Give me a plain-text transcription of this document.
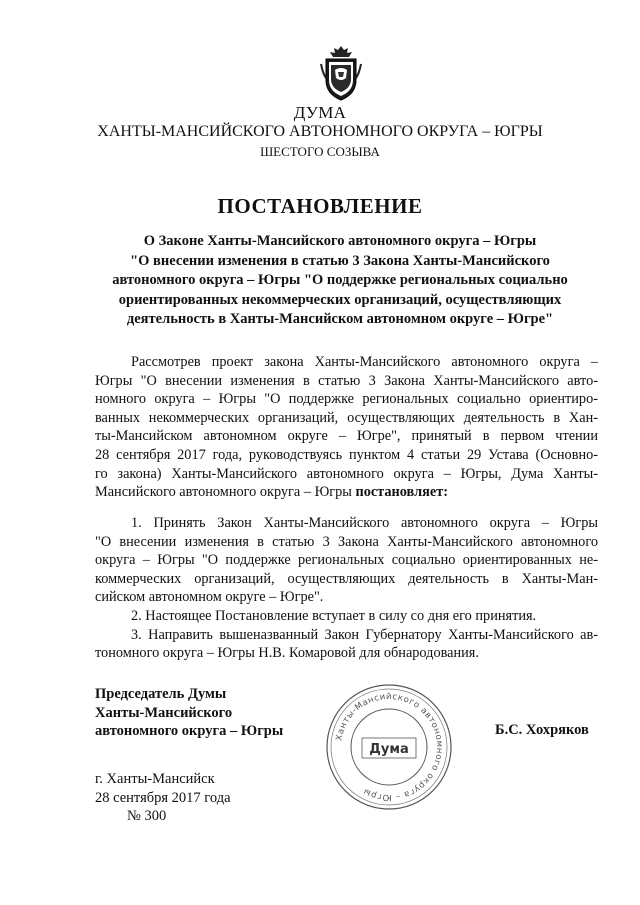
ДУМА
ХАНТЫ-МАНСИЙСКОГО АВТОНОМНОГО ОКРУГА – ЮГРЫ
ШЕСТОГО СОЗЫВА
ПОСТАНОВЛЕНИЕ
О Законе Ханты-Мансийского автономного округа – Югры
"О внесении изменения в статью 3 Закона Ханты-Мансийского
автономного округа – Югры "О поддержке региональных социально
ориентированных некоммерческих организаций, осуществляющих
деятельность в Ханты-Мансийском автономном округе – Югре"
Рассмотрев проект закона Ханты-Мансийского автономного округа –
Югры "О внесении изменения в статью 3 Закона Ханты-Мансийского авто-
номного округа – Югры "О поддержке региональных социально ориентиро-
ванных некоммерческих организаций, осуществляющих деятельность в Хан-
ты-Мансийском автономном округе – Югре", принятый в первом чтении
28 сентября 2017 года, руководствуясь пунктом 4 статьи 29 Устава (Основно-
го закона) Ханты-Мансийского автономного округа – Югры, Дума Ханты-
Мансийского автономного округа – Югры постановляет:
1. Принять Закон Ханты-Мансийского автономного округа – Югры
"О внесении изменения в статью 3 Закона Ханты-Мансийского автономного
округа – Югры "О поддержке региональных социально ориентированных не-
коммерческих организаций, осуществляющих деятельность в Ханты-Ман-
сийском автономном округе – Югре".
2. Настоящее Постановление вступает в силу со дня его принятия.
3. Направить вышеназванный Закон Губернатору Ханты-Мансийского ав-
тономного округа – Югры Н.В. Комаровой для обнародования.
Председатель Думы
Ханты-Мансийского
автономного округа – Югры	Ханты-Мансийского автономного округа – Югры
Дума
Б.С. Хохряков
г. Ханты-Мансийск
28 сентября 2017 года
№ 300
